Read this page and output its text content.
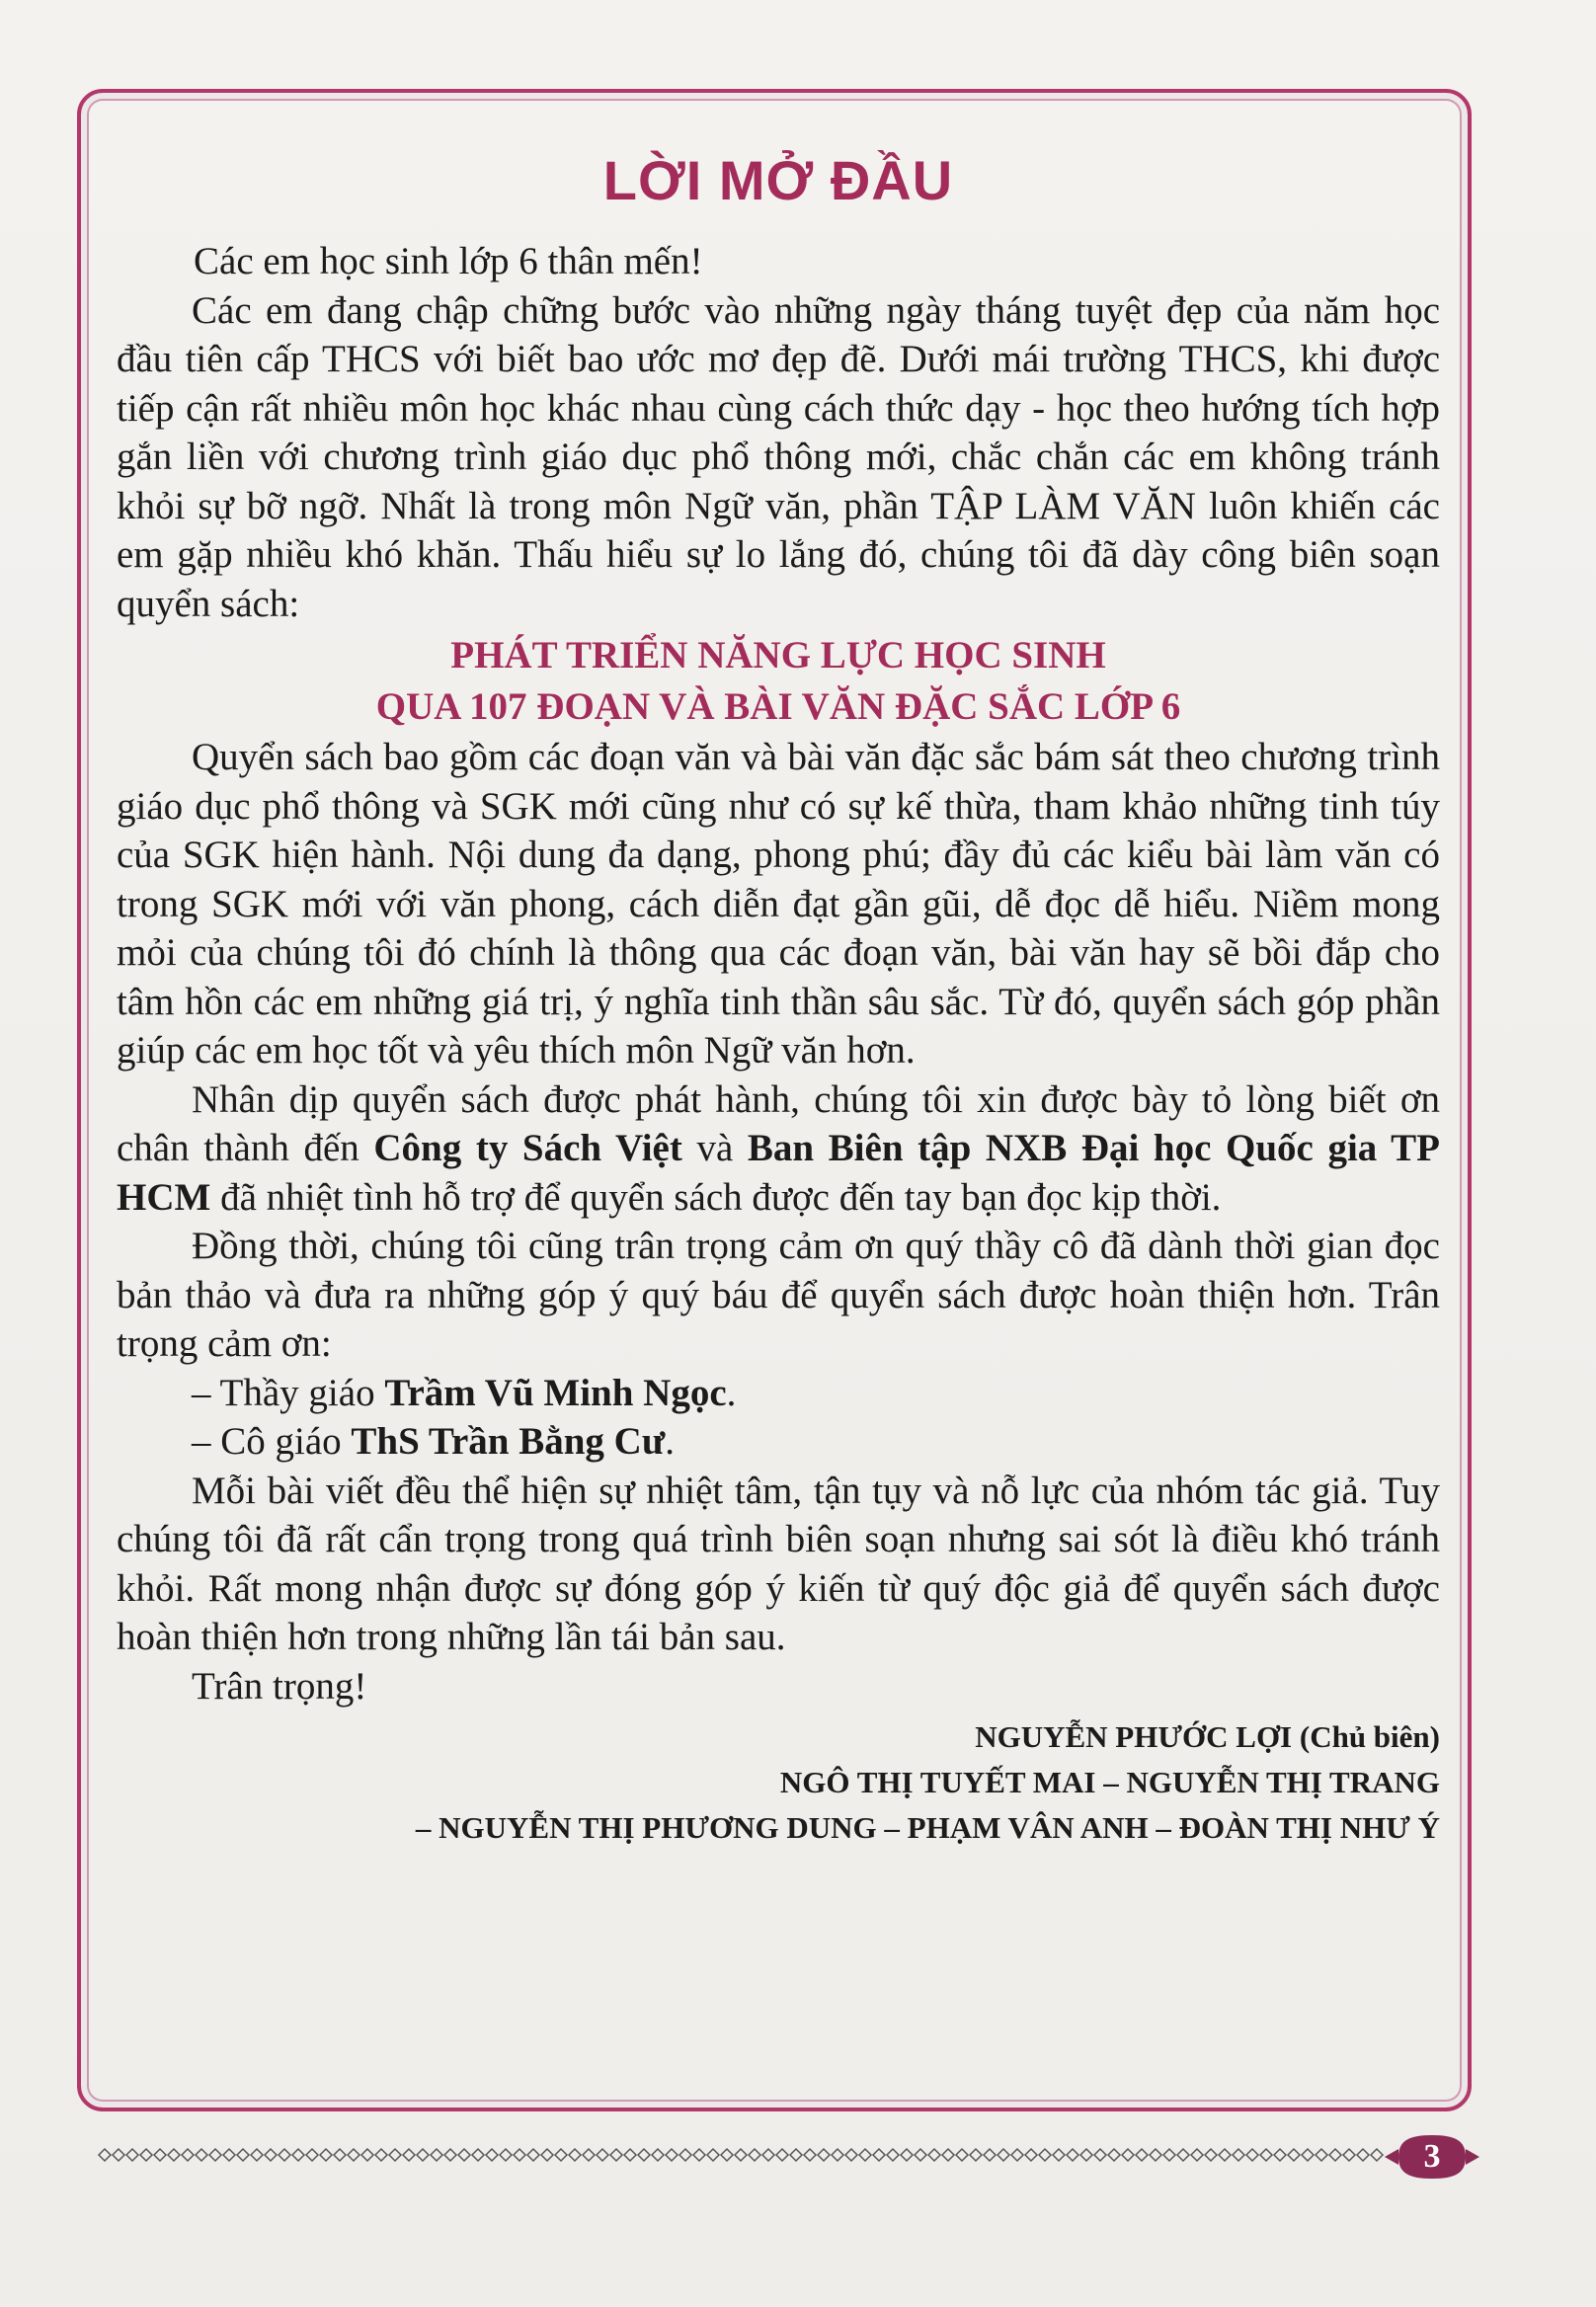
LỜI MỞ ĐẦU

Các em học sinh lớp 6 thân mến!

Các em đang chập chững bước vào những ngày tháng tuyệt đẹp của năm học đầu tiên cấp THCS với biết bao ước mơ đẹp đẽ. Dưới mái trường THCS, khi được tiếp cận rất nhiều môn học khác nhau cùng cách thức dạy - học theo hướng tích hợp gắn liền với chương trình giáo dục phổ thông mới, chắc chắn các em không tránh khỏi sự bỡ ngỡ. Nhất là trong môn Ngữ văn, phần TẬP LÀM VĂN luôn khiến các em gặp nhiều khó khăn. Thấu hiểu sự lo lắng đó, chúng tôi đã dày công biên soạn quyển sách:

PHÁT TRIỂN NĂNG LỰC HỌC SINH
QUA 107 ĐOẠN VÀ BÀI VĂN ĐẶC SẮC LỚP 6

Quyển sách bao gồm các đoạn văn và bài văn đặc sắc bám sát theo chương trình giáo dục phổ thông và SGK mới cũng như có sự kế thừa, tham khảo những tinh túy của SGK hiện hành. Nội dung đa dạng, phong phú; đầy đủ các kiểu bài làm văn có trong SGK mới với văn phong, cách diễn đạt gần gũi, dễ đọc dễ hiểu. Niềm mong mỏi của chúng tôi đó chính là thông qua các đoạn văn, bài văn hay sẽ bồi đắp cho tâm hồn các em những giá trị, ý nghĩa tinh thần sâu sắc. Từ đó, quyển sách góp phần giúp các em học tốt và yêu thích môn Ngữ văn hơn.

Nhân dịp quyển sách được phát hành, chúng tôi xin được bày tỏ lòng biết ơn chân thành đến Công ty Sách Việt và Ban Biên tập NXB Đại học Quốc gia TP HCM đã nhiệt tình hỗ trợ để quyển sách được đến tay bạn đọc kịp thời.

Đồng thời, chúng tôi cũng trân trọng cảm ơn quý thầy cô đã dành thời gian đọc bản thảo và đưa ra những góp ý quý báu để quyển sách được hoàn thiện hơn. Trân trọng cảm ơn:

– Thầy giáo Trầm Vũ Minh Ngọc.

– Cô giáo ThS Trần Bằng Cư.

Mỗi bài viết đều thể hiện sự nhiệt tâm, tận tụy và nỗ lực của nhóm tác giả. Tuy chúng tôi đã rất cẩn trọng trong quá trình biên soạn nhưng sai sót là điều khó tránh khỏi. Rất mong nhận được sự đóng góp ý kiến từ quý độc giả để quyển sách được hoàn thiện hơn trong những lần tái bản sau.

Trân trọng!

NGUYỄN PHƯỚC LỢI (Chủ biên)
NGÔ THỊ TUYẾT MAI – NGUYỄN THỊ TRANG
– NGUYỄN THỊ PHƯƠNG DUNG – PHẠM VÂN ANH – ĐOÀN THỊ NHƯ Ý
3
